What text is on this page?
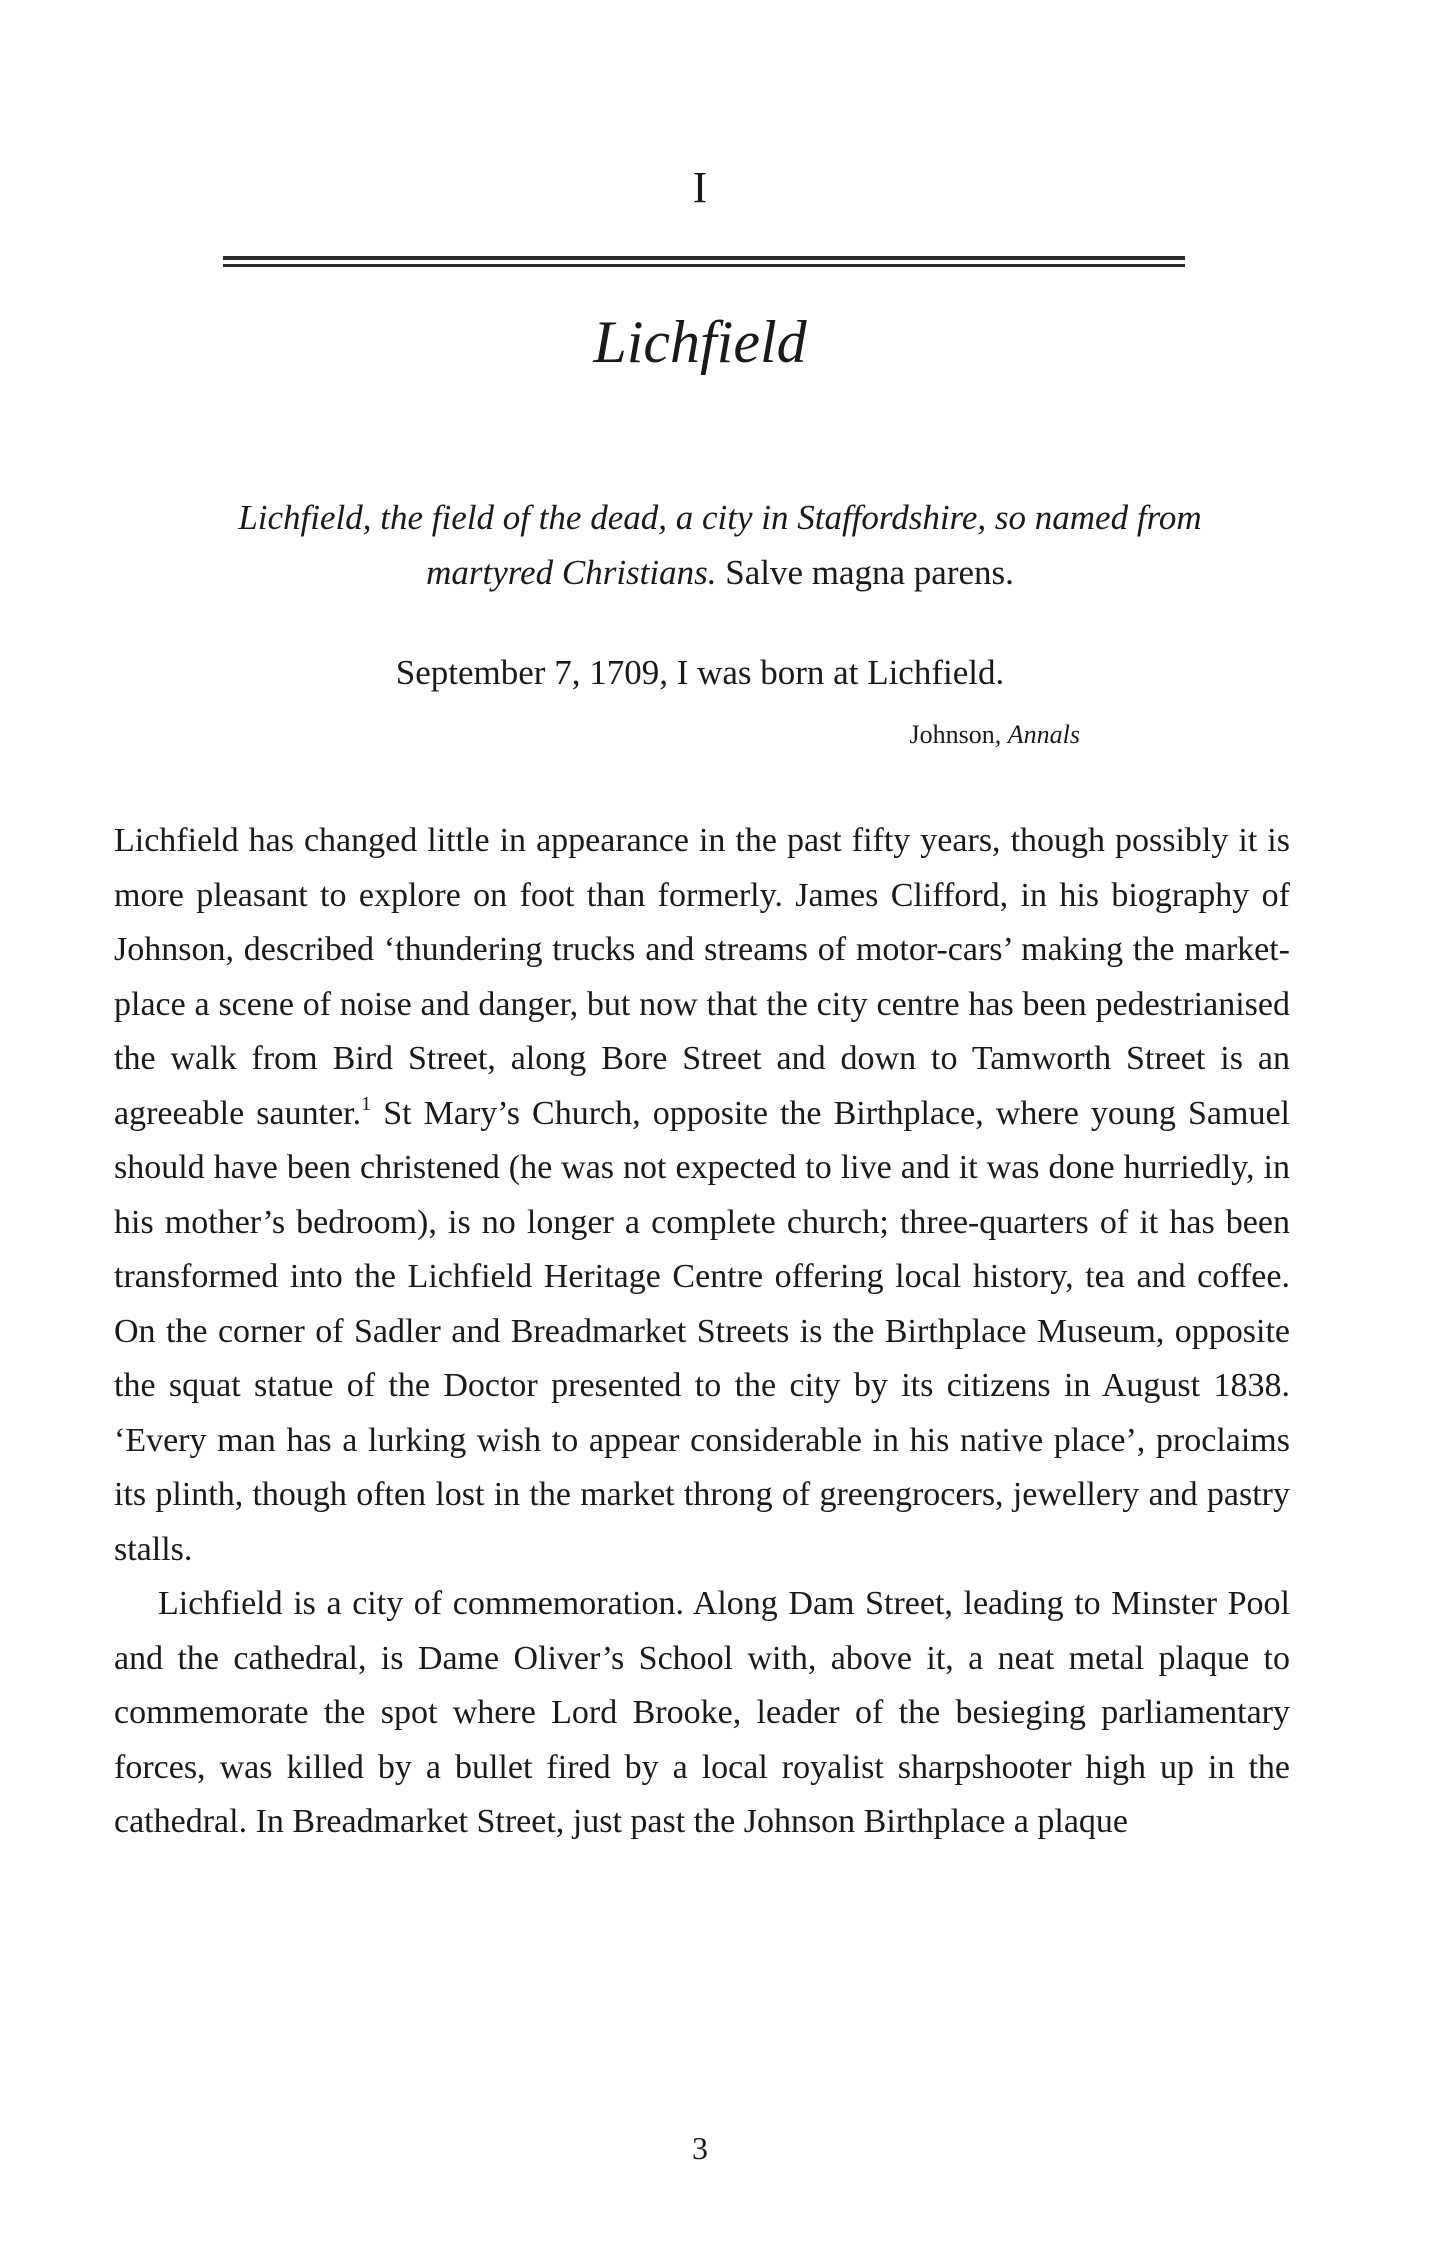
I
Lichfield
Lichfield, the field of the dead, a city in Staffordshire, so named from martyred Christians. Salve magna parens.
September 7, 1709, I was born at Lichfield.
Johnson, Annals

Lichfield has changed little in appearance in the past fifty years, though possibly it is more pleasant to explore on foot than formerly. James Clifford, in his biography of Johnson, described ‘thundering trucks and streams of motor-cars’ making the market-place a scene of noise and danger, but now that the city centre has been pedestrianised the walk from Bird Street, along Bore Street and down to Tamworth Street is an agreeable saunter.$^1$ St Mary’s Church, opposite the Birthplace, where young Samuel should have been christened (he was not expected to live and it was done hurriedly, in his mother’s bedroom), is no longer a complete church; three-quarters of it has been transformed into the Lichfield Heritage Centre offering local history, tea and coffee. On the corner of Sadler and Breadmarket Streets is the Birthplace Museum, opposite the squat statue of the Doctor presented to the city by its citizens in August 1838. ‘Every man has a lurking wish to appear considerable in his native place’, proclaims its plinth, though often lost in the market throng of greengrocers, jewellery and pastry stalls.

Lichfield is a city of commemoration. Along Dam Street, leading to Minster Pool and the cathedral, is Dame Oliver’s School with, above it, a neat metal plaque to commemorate the spot where Lord Brooke, leader of the besieging parliamentary forces, was killed by a bullet fired by a local royalist sharpshooter high up in the cathedral. In Breadmarket Street, just past the Johnson Birthplace a plaque

3
